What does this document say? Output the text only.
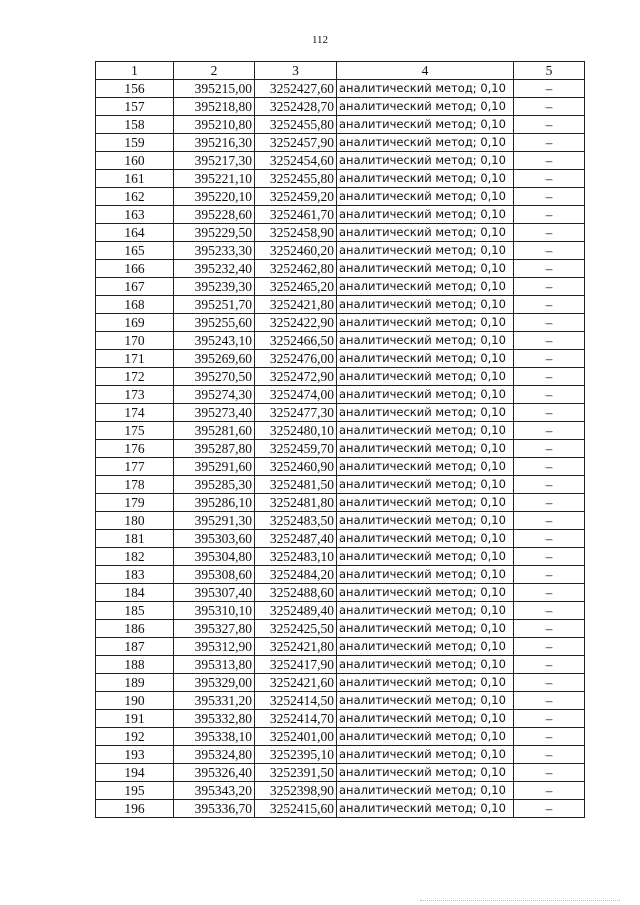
112
1	2	3	4	5
156	395215,00	3252427,60	аналитический метод; 0,10	–
157	395218,80	3252428,70	аналитический метод; 0,10	–
158	395210,80	3252455,80	аналитический метод; 0,10	–
159	395216,30	3252457,90	аналитический метод; 0,10	–
160	395217,30	3252454,60	аналитический метод; 0,10	–
161	395221,10	3252455,80	аналитический метод; 0,10	–
162	395220,10	3252459,20	аналитический метод; 0,10	–
163	395228,60	3252461,70	аналитический метод; 0,10	–
164	395229,50	3252458,90	аналитический метод; 0,10	–
165	395233,30	3252460,20	аналитический метод; 0,10	–
166	395232,40	3252462,80	аналитический метод; 0,10	–
167	395239,30	3252465,20	аналитический метод; 0,10	–
168	395251,70	3252421,80	аналитический метод; 0,10	–
169	395255,60	3252422,90	аналитический метод; 0,10	–
170	395243,10	3252466,50	аналитический метод; 0,10	–
171	395269,60	3252476,00	аналитический метод; 0,10	–
172	395270,50	3252472,90	аналитический метод; 0,10	–
173	395274,30	3252474,00	аналитический метод; 0,10	–
174	395273,40	3252477,30	аналитический метод; 0,10	–
175	395281,60	3252480,10	аналитический метод; 0,10	–
176	395287,80	3252459,70	аналитический метод; 0,10	–
177	395291,60	3252460,90	аналитический метод; 0,10	–
178	395285,30	3252481,50	аналитический метод; 0,10	–
179	395286,10	3252481,80	аналитический метод; 0,10	–
180	395291,30	3252483,50	аналитический метод; 0,10	–
181	395303,60	3252487,40	аналитический метод; 0,10	–
182	395304,80	3252483,10	аналитический метод; 0,10	–
183	395308,60	3252484,20	аналитический метод; 0,10	–
184	395307,40	3252488,60	аналитический метод; 0,10	–
185	395310,10	3252489,40	аналитический метод; 0,10	–
186	395327,80	3252425,50	аналитический метод; 0,10	–
187	395312,90	3252421,80	аналитический метод; 0,10	–
188	395313,80	3252417,90	аналитический метод; 0,10	–
189	395329,00	3252421,60	аналитический метод; 0,10	–
190	395331,20	3252414,50	аналитический метод; 0,10	–
191	395332,80	3252414,70	аналитический метод; 0,10	–
192	395338,10	3252401,00	аналитический метод; 0,10	–
193	395324,80	3252395,10	аналитический метод; 0,10	–
194	395326,40	3252391,50	аналитический метод; 0,10	–
195	395343,20	3252398,90	аналитический метод; 0,10	–
196	395336,70	3252415,60	аналитический метод; 0,10	–
